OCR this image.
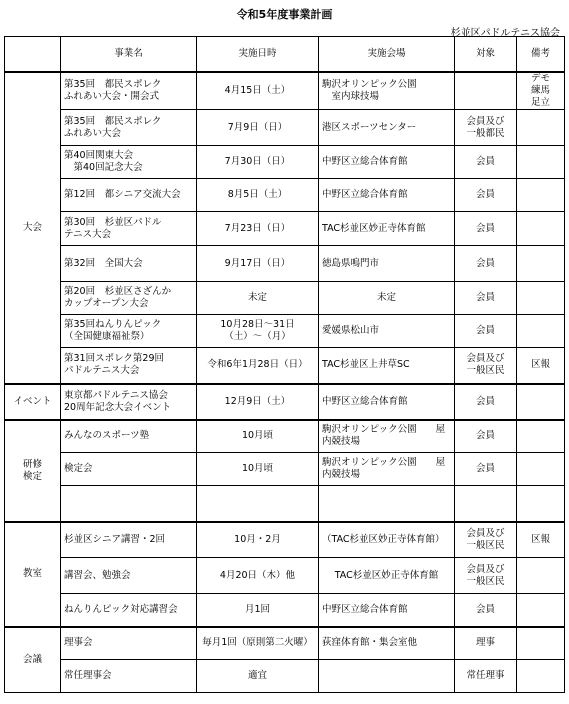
令和5年度事業計画
杉並区パドルテニス協会
	事業名	実施日時	実施会場	対象	備考
大会	第35回　都民スポレク
ふれあい大会・開会式	4月15日（土）	駒沢オリンピック公園
　室内球技場		デモ
練馬
足立
	第35回　都民スポレク
ふれあい大会	7月9日（日）	港区スポーツセンター	会員及び
一般都民	
	第40回関東大会
　第40回記念大会	7月30日（日）	中野区立総合体育館	会員	
	第12回　都シニア交流大会	8月5日（土）	中野区立総合体育館	会員	
	第30回　杉並区パドル
テニス大会	7月23日（日）	TAC杉並区妙正寺体育館	会員	
	第32回　全国大会	9月17日（日）	徳島県鳴門市	会員	
	第20回　杉並区さざんか
カップオープン大会	未定	未定	会員	
	第35回ねんりんピック
（全国健康福祉祭）	10月28日～31日
（土）～（月）	愛媛県松山市	会員	
	第31回スポレク第29回
パドルテニス大会	令和6年1月28日（日）	TAC杉並区上井草SC	会員及び
一般区民	区報
イベント	東京都パドルテニス協会
20周年記念大会イベント	12月9日（土）	中野区立総合体育館	会員	
研修
検定	みんなのスポーツ塾	10月頃	駒沢オリンピック公園　　屋
内競技場	会員	
	検定会	10月頃	駒沢オリンピック公園　　屋
内競技場	会員	

教室	杉並区シニア講習・2回	10月・2月	（TAC杉並区妙正寺体育館）	会員及び
一般区民	区報
	講習会、勉強会	4月20日（木）他	TAC杉並区妙正寺体育館	会員及び
一般区民	
	ねんりんピック対応講習会	月1回	中野区立総合体育館	会員	
会議	理事会	毎月1回（原則第二火曜）	荻窪体育館・集会室他	理事	
	常任理事会	適宜		常任理事	
